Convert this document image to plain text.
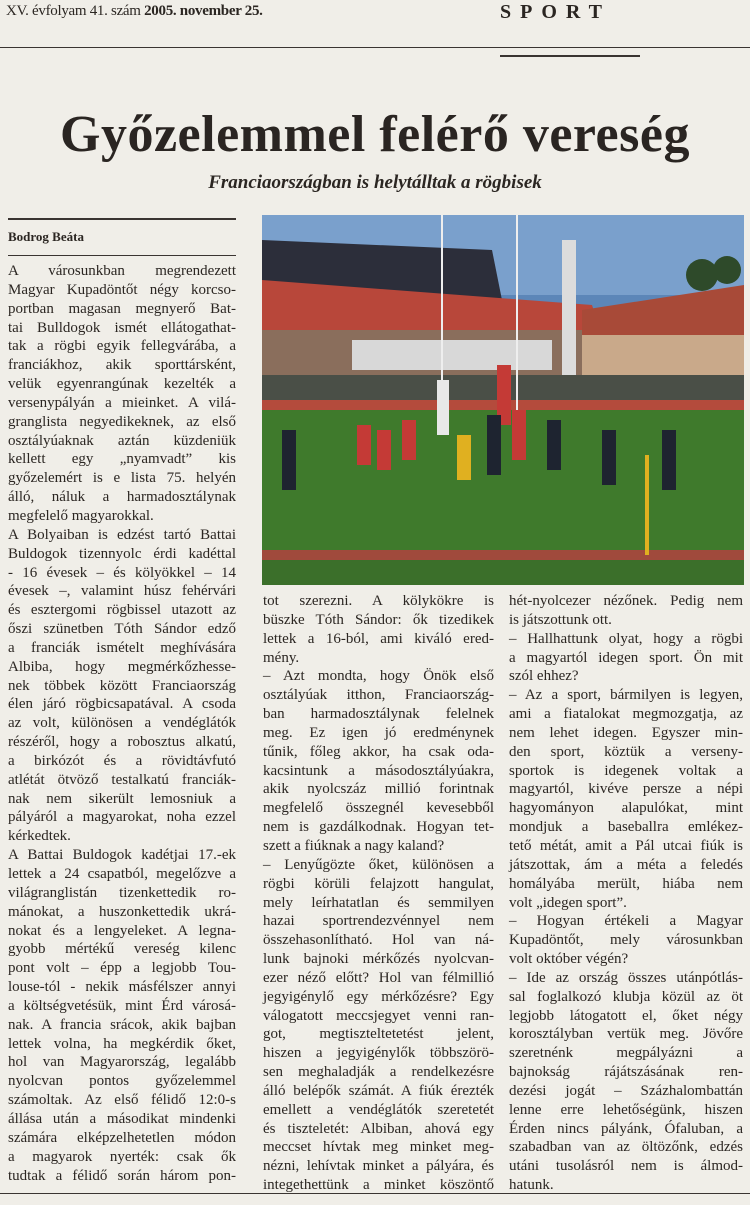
XV. évfolyam 41. szám 2005. november 25.	SPORT
Győzelemmel felérő vereség
Franciaországban is helytálltak a rögbisek
Bodrog Beáta
A városunkban megrendezett
Magyar Kupadöntőt négy korcso-
portban magasan megnyerő Bat-
tai Bulldogok ismét ellátogathat-
tak a rögbi egyik fellegvárába, a
franciákhoz, akik sporttársként,
velük egyenrangúnak kezelték a
versenypályán a mieinket. A vilá-
granglista negyedikeknek, az első
osztályúaknak aztán küzdeniük
kellett egy „nyamvadt” kis
győzelemért is e lista 75. helyén
álló, náluk a harmadosztálynak
megfelelő magyarokkal.
A Bolyaiban is edzést tartó Battai
Buldogok tizennyolc érdi kadéttal
- 16 évesek – és kölyökkel – 14
évesek –, valamint húsz fehérvári
és esztergomi rögbissel utazott az
őszi szünetben Tóth Sándor edző
a franciák ismételt meghívására
Albiba, hogy megmérkőzhesse-
nek többek között Franciaország
élen járó rögbicsapatával. A csoda
az volt, különösen a vendéglátók
részéről, hogy a robosztus alkatú,
a birkózót és a rövidtávfutó
atlétát ötvöző testalkatú franciák-
nak nem sikerült lemosniuk a
pályáról a magyarokat, noha ezzel
kérkedtek.
A Battai Buldogok kadétjai 17.-ek
lettek a 24 csapatból, megelőzve a
világranglistán tizenkettedik ro-
mánokat, a huszonkettedik ukrá-
nokat és a lengyeleket. A legna-
gyobb mértékű vereség kilenc
pont volt – épp a legjobb Tou-
louse-tól - nekik másfélszer annyi
a költségvetésük, mint Érd városá-
nak. A francia srácok, akik bajban
lettek volna, ha megkérdik őket,
hol van Magyarország, legalább
nyolcvan pontos győzelemmel
számoltak. Az első félidő 12:0-s
állása után a másodikat mindenki
számára elképzelhetetlen módon
a magyarok nyerték: csak ők
tudtak a félidő során három pon-
tot szerezni. A kölykökre is
büszke Tóth Sándor: ők tizedikek
lettek a 16-ból, ami kiváló ered-
mény.
– Azt mondta, hogy Önök első
osztályúak itthon, Franciaország-
ban harmadosztálynak felelnek
meg. Ez igen jó eredménynek
tűnik, főleg akkor, ha csak oda-
kacsintunk a másodosztályúakra,
akik nyolcszáz millió forintnak
megfelelő összegnél kevesebből
nem is gazdálkodnak. Hogyan tet-
szett a fiúknak a nagy kaland?
– Lenyűgözte őket, különösen a
rögbi körüli felajzott hangulat,
mely leírhatatlan és semmilyen
hazai sportrendezvénnyel nem
összehasonlítható. Hol van ná-
lunk bajnoki mérkőzés nyolcvan-
ezer néző előtt? Hol van félmillió
jegyigénylő egy mérkőzésre? Egy
válogatott meccsjegyet venni ran-
got, megtiszteltetetést jelent,
hiszen a jegyigénylők többszörö-
sen meghaladják a rendelkezésre
álló belépők számát. A fiúk érezték
emellett a vendéglátók szeretetét
és tiszteletét: Albiban, ahová egy
meccset hívtak meg minket meg-
nézni, lehívtak minket a pályára, és
integethettünk a minket köszöntő
hét-nyolcezer nézőnek. Pedig nem
is játszottunk ott.
– Hallhattunk olyat, hogy a rögbi
a magyartól idegen sport. Ön mit
szól ehhez?
– Az a sport, bármilyen is legyen,
ami a fiatalokat megmozgatja, az
nem lehet idegen. Egyszer min-
den sport, köztük a verseny-
sportok is idegenek voltak a
magyartól, kivéve persze a népi
hagyományon alapulókat, mint
mondjuk a baseballra emlékez-
tető métát, amit a Pál utcai fiúk is
játszottak, ám a méta a feledés
homályába merült, hiába nem
volt „idegen sport”.
– Hogyan értékeli a Magyar
Kupadöntőt, mely városunkban
volt október végén?
– Ide az ország összes utánpótlás-
sal foglalkozó klubja közül az öt
legjobb látogatott el, őket négy
korosztályban vertük meg. Jövőre
szeretnénk megpályázni a
bajnokság rájátszásának ren-
dezési jogát – Százhalombattán
lenne erre lehetőségünk, hiszen
Érden nincs pályánk, Ófaluban, a
szabadban van az öltözőnk, edzés
utáni tusolásról nem is álmod-
hatunk.
